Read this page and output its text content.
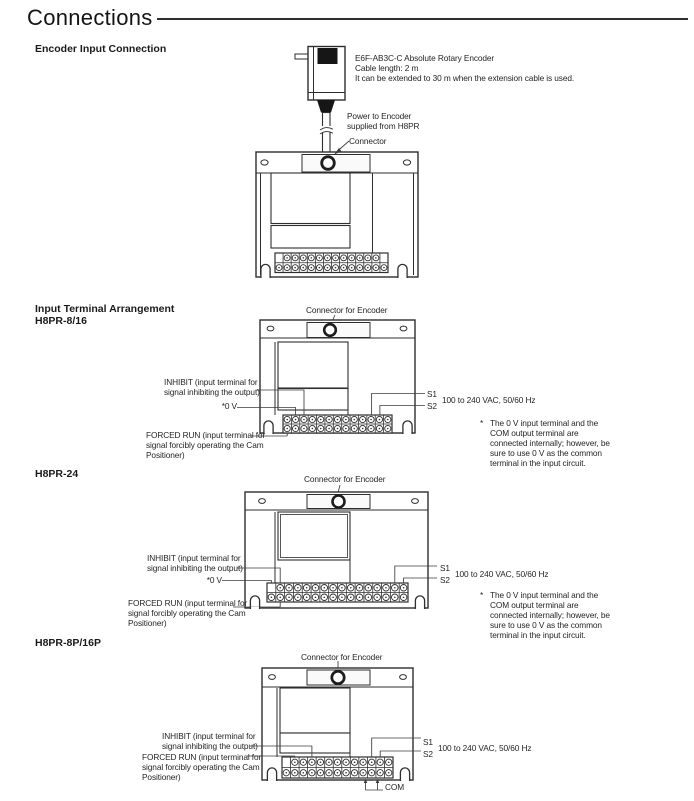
Connections
Encoder Input Connection
E6F-AB3C-C Absolute Rotary Encoder
Cable length: 2 m
It can be extended to 30 m when the extension cable is used.
Power to Encoder
supplied from H8PR
Connector
Input Terminal Arrangement
H8PR-8/16
Connector for Encoder
INHIBIT (input terminal for
signal inhibiting the output)
*0 V
FORCED RUN (input terminal for
signal forcibly operating the Cam
Positioner)
S1
S2
100 to 240 VAC, 50/60 Hz
* The 0 V input terminal and the
COM output terminal are
connected internally; however, be
sure to use 0 V as the common
terminal in the input circuit.
H8PR-24	Connector for Encoder
INHIBIT (input terminal for
signal inhibiting the output)
*0 V
FORCED RUN (input terminal for
signal forcibly operating the Cam
Positioner)
S1
S2
100 to 240 VAC, 50/60 Hz
* The 0 V input terminal and the
COM output terminal are
connected internally; however, be
sure to use 0 V as the common
terminal in the input circuit.
H8PR-8P/16P
Connector for Encoder
INHIBIT (input terminal for
signal inhibiting the output)
FORCED RUN (input terminal for
signal forcibly operating the Cam
Positioner)
S1
S2
100 to 240 VAC, 50/60 Hz
COM
